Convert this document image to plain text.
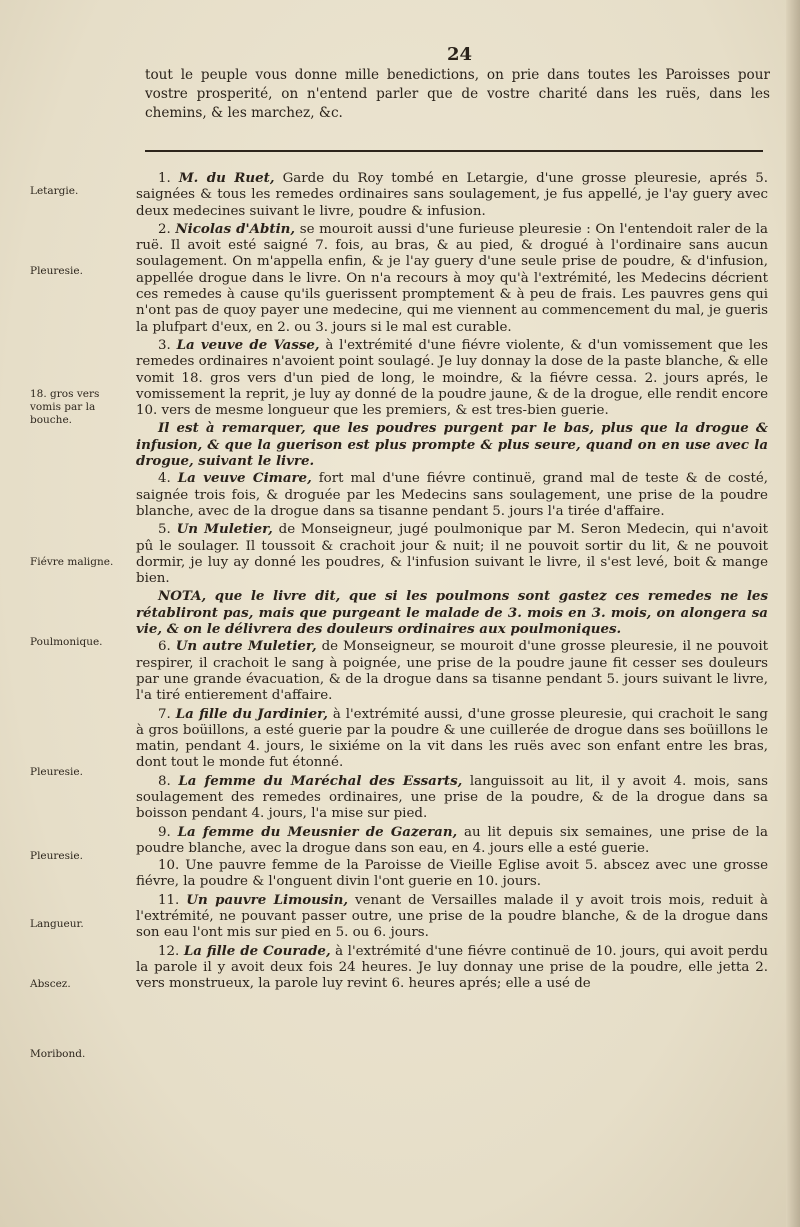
24
tout le peuple vous donne mille benedictions, on prie dans toutes les Paroisses pour vostre prosperité, on n'entend parler que de vostre charité dans les ruës, dans les chemins, & les marchez, &c.
Letargie.
Pleuresie.
18. gros vers vomis par la bouche.
Fiévre maligne.
Poulmonique.
Pleuresie.
Pleuresie.
Langueur.
Abscez.
Moribond.

1. M. du Ruet, Garde du Roy tombé en Letargie, d'une grosse pleuresie, aprés 5. saignées & tous les remedes ordinaires sans soulagement, je fus appellé, je l'ay guery avec deux medecines suivant le livre, poudre & infusion.

2. Nicolas d'Abtin, se mouroit aussi d'une furieuse pleuresie : On l'entendoit raler de la ruë. Il avoit esté saigné 7. fois, au bras, & au pied, & drogué à l'ordinaire sans aucun soulagement. On m'appella enfin, & je l'ay guery d'une seule prise de poudre, & d'infusion, appellée drogue dans le livre. On n'a recours à moy qu'à l'extrémité, les Medecins décrient ces remedes à cause qu'ils guerissent promptement & à peu de frais. Les pauvres gens qui n'ont pas de quoy payer une medecine, qui me viennent au commencement du mal, je gueris la plufpart d'eux, en 2. ou 3. jours si le mal est curable.

3. La veuve de Vasse, à l'extrémité d'une fiévre violente, & d'un vomissement que les remedes ordinaires n'avoient point soulagé. Je luy donnay la dose de la paste blanche, & elle vomit 18. gros vers d'un pied de long, le moindre, & la fiévre cessa. 2. jours aprés, le vomissement la reprit, je luy ay donné de la poudre jaune, & de la drogue, elle rendit encore 10. vers de mesme longueur que les premiers, & est tres-bien guerie.

Il est à remarquer, que les poudres purgent par le bas, plus que la drogue & infusion, & que la guerison est plus prompte & plus seure, quand on en use avec la drogue, suivant le livre.

4. La veuve Cimare, fort mal d'une fiévre continuë, grand mal de teste & de costé, saignée trois fois, & droguée par les Medecins sans soulagement, une prise de la poudre blanche, avec de la drogue dans sa tisanne pendant 5. jours l'a tirée d'affaire.

5. Un Muletier, de Monseigneur, jugé poulmonique par M. Seron Medecin, qui n'avoit pû le soulager. Il toussoit & crachoit jour & nuit; il ne pouvoit sortir du lit, & ne pouvoit dormir, je luy ay donné les poudres, & l'infusion suivant le livre, il s'est levé, boit & mange bien.

NOTA, que le livre dit, que si les poulmons sont gastez ces remedes ne les rétabliront pas, mais que purgeant le malade de 3. mois en 3. mois, on alongera sa vie, & on le délivrera des douleurs ordinaires aux poulmoniques.

6. Un autre Muletier, de Monseigneur, se mouroit d'une grosse pleuresie, il ne pouvoit respirer, il crachoit le sang à poignée, une prise de la poudre jaune fit cesser ses douleurs par une grande évacuation, & de la drogue dans sa tisanne pendant 5. jours suivant le livre, l'a tiré entierement d'affaire.

7. La fille du Jardinier, à l'extrémité aussi, d'une grosse pleuresie, qui crachoit le sang à gros boüillons, a esté guerie par la poudre & une cuillerée de drogue dans ses boüillons le matin, pendant 4. jours, le sixiéme on la vit dans les ruës avec son enfant entre les bras, dont tout le monde fut étonné.

8. La femme du Maréchal des Essarts, languissoit au lit, il y avoit 4. mois, sans soulagement des remedes ordinaires, une prise de la poudre, & de la drogue dans sa boisson pendant 4. jours, l'a mise sur pied.

9. La femme du Meusnier de Gazeran, au lit depuis six semaines, une prise de la poudre blanche, avec la drogue dans son eau, en 4. jours elle a esté guerie.

10. Une pauvre femme de la Paroisse de Vieille Eglise avoit 5. abscez avec une grosse fiévre, la poudre & l'onguent divin l'ont guerie en 10. jours.

11. Un pauvre Limousin, venant de Versailles malade il y avoit trois mois, reduit à l'extrémité, ne pouvant passer outre, une prise de la poudre blanche, & de la drogue dans son eau l'ont mis sur pied en 5. ou 6. jours.

12. La fille de Courade, à l'extrémité d'une fiévre continuë de 10. jours, qui avoit perdu la parole il y avoit deux fois 24 heures. Je luy donnay une prise de la poudre, elle jetta 2. vers monstrueux, la parole luy revint 6. heures aprés; elle a usé de
